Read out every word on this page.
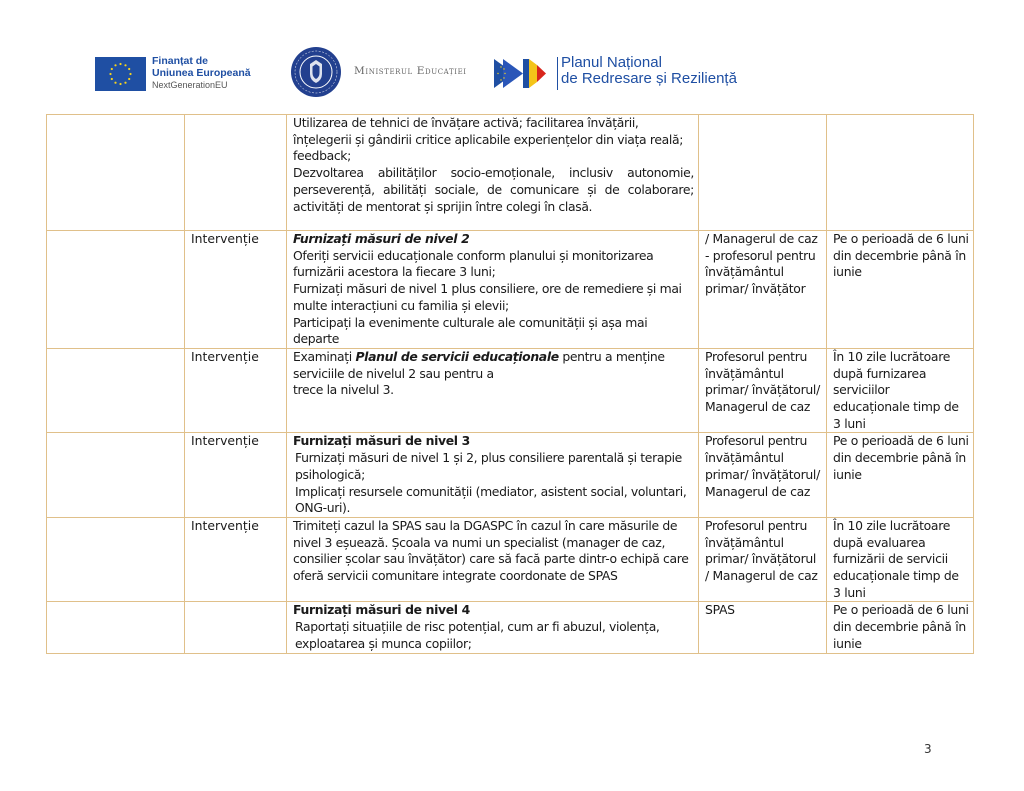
Finanțat de
Uniunea Europeană
NextGenerationEU
Ministerul Educației	Planul Național
de Redresare și Reziliență

		Utilizarea de tehnici de învățare activă; facilitarea învățării, înțelegerii și gândirii critice aplicabile experiențelor din viața reală; feedback;
Dezvoltarea abilităților socio-emoționale, inclusiv autonomie, perseverență, abilități sociale, de comunicare și de colaborare; activități de mentorat și sprijin între colegi în clasă.		

	Intervenție	Furnizați măsuri de nivel 2
Oferiți servicii educaționale conform planului și monitorizarea furnizării acestora la fiecare 3 luni;
Furnizați măsuri de nivel 1 plus consiliere, ore de remediere și mai multe interacțiuni cu familia și elevii;
Participați la evenimente culturale ale comunității și așa mai departe	/ Managerul de caz - profesorul pentru învățământul primar/ învățător	Pe o perioadă de 6 luni din decembrie până în iunie
	Intervenție	Examinați Planul de servicii educaționale pentru a menține serviciile de nivelul 2 sau pentru a
trece la nivelul 3.	Profesorul pentru învățământul primar/ învățătorul/ Managerul de caz	În 10 zile lucrătoare după furnizarea serviciilor educaționale timp de 3 luni
	Intervenție	Furnizați măsuri de nivel 3
Furnizați măsuri de nivel 1 și 2, plus consiliere parentală și terapie psihologică;
Implicați resursele comunității (mediator, asistent social, voluntari, ONG-uri).	Profesorul pentru învățământul primar/ învățătorul/ Managerul de caz	Pe o perioadă de 6 luni din decembrie până în iunie
	Intervenție	Trimiteți cazul la SPAS sau la DGASPC în cazul în care măsurile de nivel 3 eșuează. Școala va numi un specialist (manager de caz, consilier școlar sau învățător) care să facă parte dintr-o echipă care oferă servicii comunitare integrate coordonate de SPAS	Profesorul pentru învățământul primar/ învățătorul / Managerul de caz	În 10 zile lucrătoare după evaluarea furnizării de servicii educaționale timp de 3 luni

		Furnizați măsuri de nivel 4
Raportați situațiile de risc potențial, cum ar fi abuzul, violența, exploatarea și munca copiilor;	SPAS	Pe o perioadă de 6 luni din decembrie până în iunie
3
